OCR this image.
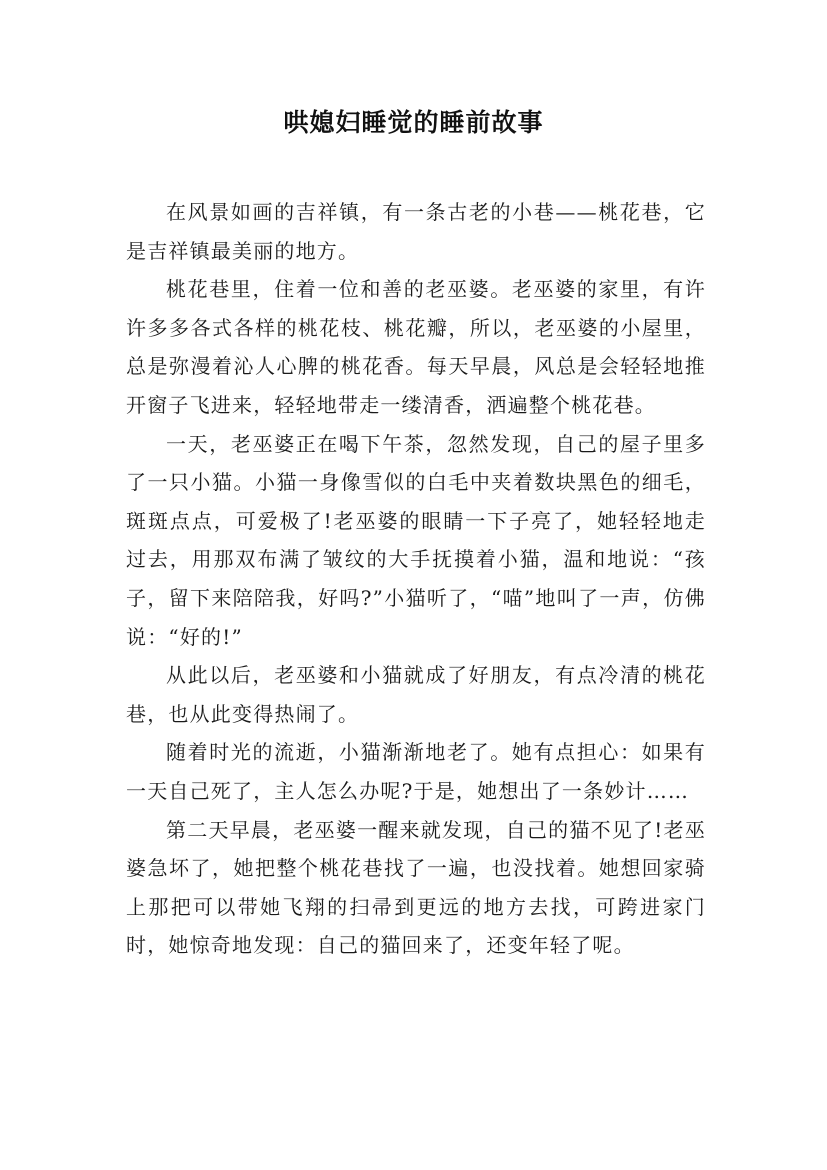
哄媳妇睡觉的睡前故事

在风景如画的吉祥镇，有一条古老的小巷——桃花巷，它是吉祥镇最美丽的地方。

桃花巷里，住着一位和善的老巫婆。老巫婆的家里，有许许多多各式各样的桃花枝、桃花瓣，所以，老巫婆的小屋里，总是弥漫着沁人心脾的桃花香。每天早晨，风总是会轻轻地推开窗子飞进来，轻轻地带走一缕清香，洒遍整个桃花巷。

一天，老巫婆正在喝下午茶，忽然发现，自己的屋子里多了一只小猫。小猫一身像雪似的白毛中夹着数块黑色的细毛，斑斑点点，可爱极了!老巫婆的眼睛一下子亮了，她轻轻地走过去，用那双布满了皱纹的大手抚摸着小猫，温和地说：“孩子，留下来陪陪我，好吗?”小猫听了，“喵”地叫了一声，仿佛说：“好的!”

从此以后，老巫婆和小猫就成了好朋友，有点冷清的桃花巷，也从此变得热闹了。

随着时光的流逝，小猫渐渐地老了。她有点担心：如果有一天自己死了，主人怎么办呢?于是，她想出了一条妙计……

第二天早晨，老巫婆一醒来就发现，自己的猫不见了!老巫婆急坏了，她把整个桃花巷找了一遍，也没找着。她想回家骑上那把可以带她飞翔的扫帚到更远的地方去找，可跨进家门时，她惊奇地发现：自己的猫回来了，还变年轻了呢。
